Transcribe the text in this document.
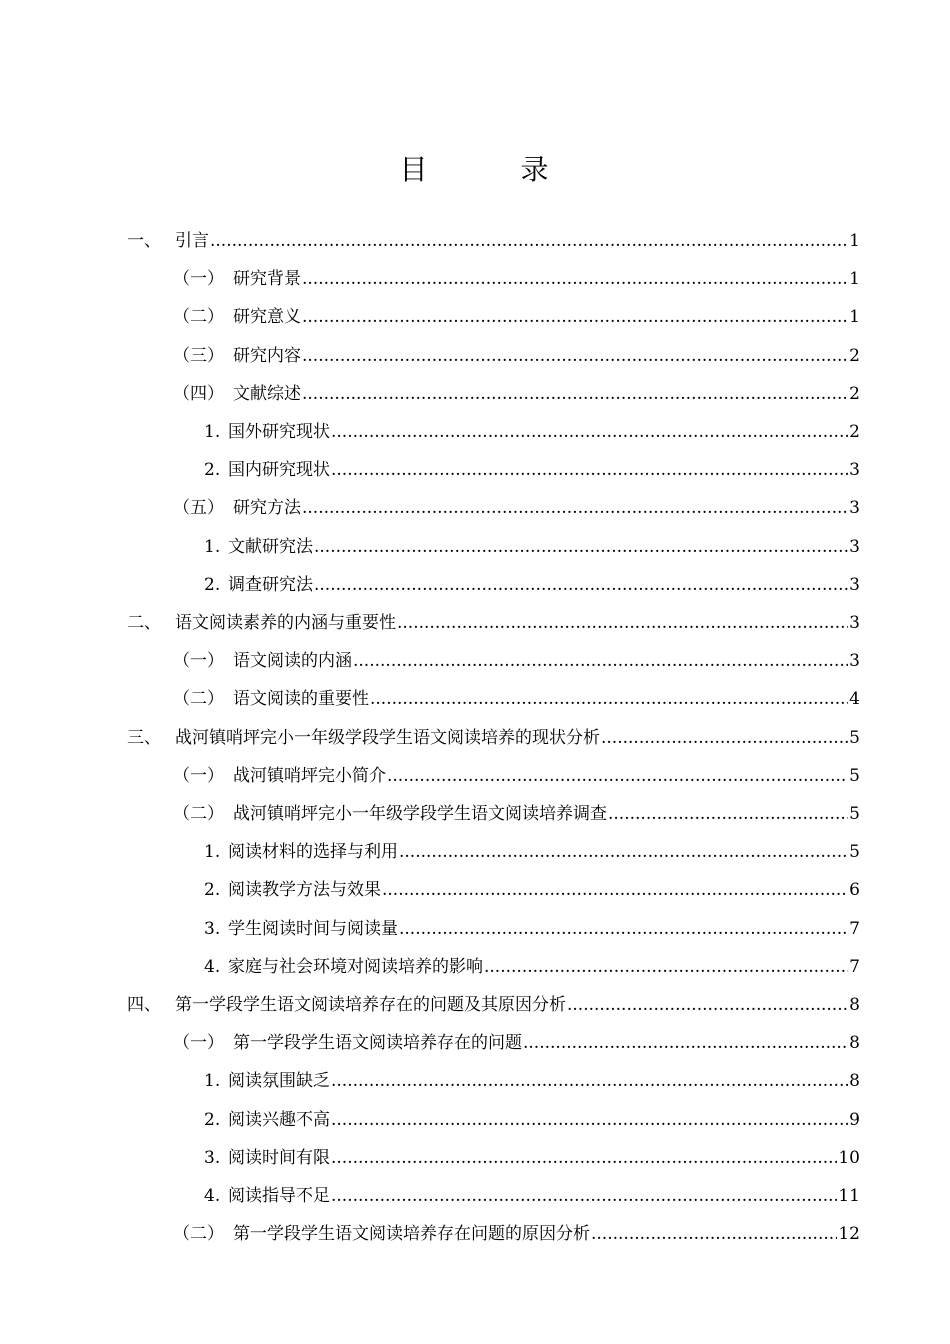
目 录
一、 引言 .....	1
（一） 研究背景 .....	1
（二） 研究意义 .....	1
（三） 研究内容 .....	2
（四） 文献综述 .....	2
1. 国外研究现状 .....	2
2. 国内研究现状 .....	3
（五） 研究方法 .....	3
1. 文献研究法 .....	3
2. 调查研究法 .....	3
二、 语文阅读素养的内涵与重要性 .....	3
（一） 语文阅读的内涵 .....	3
（二） 语文阅读的重要性 .....	4
三、 战河镇哨坪完小一年级学段学生语文阅读培养的现状分析 .....	5
（一） 战河镇哨坪完小简介 .....	5
（二） 战河镇哨坪完小一年级学段学生语文阅读培养调查 .....	5
1. 阅读材料的选择与利用 .....	5
2. 阅读教学方法与效果 .....	6
3. 学生阅读时间与阅读量 .....	7
4. 家庭与社会环境对阅读培养的影响 .....	7
四、 第一学段学生语文阅读培养存在的问题及其原因分析 .....	8
（一） 第一学段学生语文阅读培养存在的问题 .....	8
1. 阅读氛围缺乏 .....	8
2. 阅读兴趣不高 .....	9
3. 阅读时间有限 .....	10
4. 阅读指导不足 .....	11
（二） 第一学段学生语文阅读培养存在问题的原因分析 .....	12
